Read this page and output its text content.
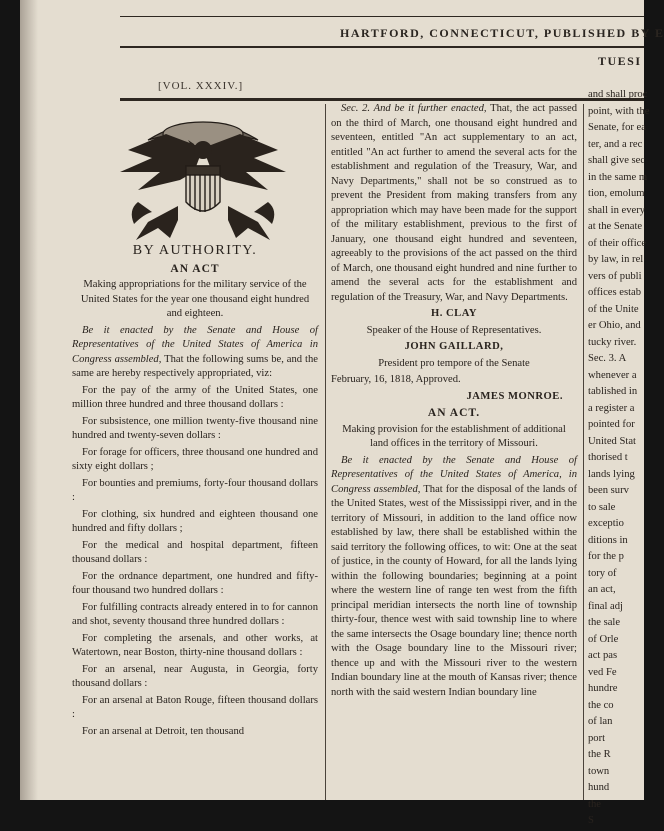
HARTFORD, CONNECTICUT, PUBLISHED BY E
TUESI
[VOL. XXXIV.]

BY AUTHORITY.

AN ACT

Making appropriations for the military service of the United States for the year one thousand eight hundred and eighteen.

Be it enacted by the Senate and House of Representatives of the United States of America in Congress assembled, That the following sums be, and the same are hereby respectively appropriated, viz:

For the pay of the army of the United States, one million three hundred and three thousand dollars :

For subsistence, one million twenty-five thousand nine hundred and twenty-seven dollars :

For forage for officers, three thousand one hundred and sixty eight dollars ;

For bounties and premiums, forty-four thousand dollars :

For clothing, six hundred and eighteen thousand one hundred and fifty dollars ;

For the medical and hospital department, fifteen thousand dollars :

For the ordnance department, one hundred and fifty-four thousand two hundred dollars :

For fulfilling contracts already entered in to for cannon and shot, seventy thousand three hundred dollars :

For completing the arsenals, and other works, at Watertown, near Boston, thirty-nine thousand dollars :

For an arsenal, near Augusta, in Georgia, forty thousand dollars :

For an arsenal at Baton Rouge, fifteen thousand dollars :

For an arsenal at Detroit, ten thousand

Sec. 2. And be it further enacted, That, the act passed on the third of March, one thousand eight hundred and seventeen, entitled "An act supplementary to an act, entitled "An act further to amend the several acts for the establishment and regulation of the Treasury, War, and Navy Departments," shall not be so construed as to prevent the President from making transfers from any appropriation which may have been made for the support of the military establishment, previous to the first of January, one thousand eight hundred and seventeen, agreeably to the provisions of the act passed on the third of March, one thousand eight hundred and nine further to amend the several acts for the establishment and regulation of the Treasury, War, and Navy Departments.

H. CLAY

Speaker of the House of Representatives.

JOHN GAILLARD,

President pro tempore of the Senate

February, 16, 1818, Approved.

JAMES MONROE.

AN ACT.

Making provision for the establishment of additional land offices in the territory of Missouri.

Be it enacted by the Senate and House of Representatives of the United States of America, in Congress assembled, That for the disposal of the lands of the United States, west of the Mississippi river, and in the territory of Missouri, in addition to the land office now established by law, there shall be established within the said territory the following offices, to wit: One at the seat of justice, in the county of Howard, for all the lands lying within the following boundaries; beginning at a point where the western line of range ten west from the fifth principal meridian intersects the north line of township thirty-four, thence west with said township line to where the same intersects the Osage boundary line; thence north with the Osage boundary line to the Missouri river; thence up and with the Missouri river to the western Indian boundary line at the mouth of Kansas river; thence north with the said western Indian boundary line

and shall proc

point, with the

Senate, for ea

ter, and a rec

shall give sec

in the same m

tion, emolum

shall in every

at the Senate

of their office

by law, in rel

vers of publi

offices estab

of the Unite

er Ohio, and

tucky river.

Sec. 3. A

whenever a

tablished in

a register a

pointed for

United Stat

thorised t

lands lying

been surv

to sale

exceptio

ditions in

for the p

tory of

an act,

final adj

the sale

of Orle

act pas

ved Fe

hundre

the co

of lan

port

the R

town

hund

the

S
